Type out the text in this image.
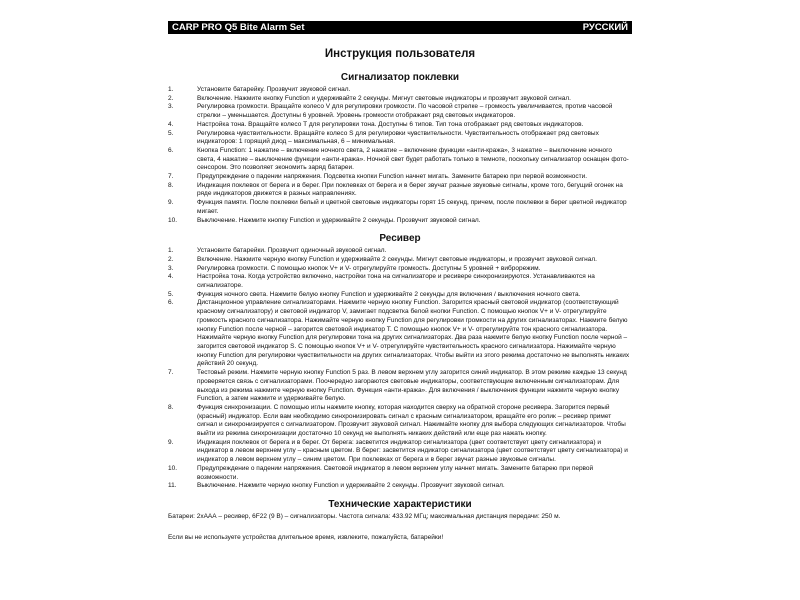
CARP PRO Q5 Bite Alarm Set	РУССКИЙ
Инструкция пользователя
Сигнализатор поклевки
1.	Установите батарейку. Прозвучит звуковой сигнал.
2.	Включение. Нажмите кнопку Function и удерживайте 2 секунды. Мигнут световые индикаторы и прозвучит звуковой сигнал.
3.	Регулировка громкости. Вращайте колесо V для регулировки громкости. По часовой стрелке – громкость увеличивается, против часовой стрелки – уменьшается. Доступны 6 уровней. Уровень громкости отображает ряд световых индикаторов.
4.	Настройка тона. Вращайте колесо T для регулировки тона. Доступны 6 типов. Тип тона отображает ряд световых индикаторов.
5.	Регулировка чувствительности. Вращайте колесо S для регулировки чувствительности. Чувствительность отображает ряд световых индикаторов: 1 горящий диод – максимальная, 6 – минимальная.
6.	Кнопка Function: 1 нажатие – включение ночного света, 2 нажатие – включение функции «анти-кража», 3 нажатие – выключение ночного света, 4 нажатие – выключение функции «анти-кража». Ночной свет будет работать только в темноте, поскольку сигнализатор оснащен фото-сенсором. Это позволяет экономить заряд батареи.
7.	Предупреждение о падении напряжения. Подсветка кнопки Function начнет мигать. Замените батарею при первой возможности.
8.	Индикация поклевок от берега и в берег. При поклевках от берега и в берег звучат разные звуковые сигналы, кроме того, бегущий огонек на ряде индикаторов движется в разных направлениях.
9.	Функция памяти. После поклевки белый и цветной световые индикаторы горят 15 секунд, причем, после поклевки в берег цветной индикатор мигает.
10.	Выключение. Нажмите кнопку Function и удерживайте 2 секунды. Прозвучит звуковой сигнал.
Ресивер
1.	Установите батарейки. Прозвучит одиночный звуковой сигнал.
2.	Включение. Нажмите черную кнопку Function и удерживайте 2 секунды. Мигнут световые индикаторы, и прозвучит звуковой сигнал.
3.	Регулировка громкости. С помощью кнопок V+ и V- отрегулируйте громкость. Доступны 5 уровней + виброрежим.
4.	Настройка тона. Когда устройство включено, настройки тона на сигнализаторе и ресивере синхронизируются. Устанавливаются на сигнализаторе.
5.	Функция ночного света. Нажмите белую кнопку Function и удерживайте 2 секунды для включения / выключения ночного света.
6.	Дистанционное управление сигнализаторами. Нажмите черную кнопку Function. Загорится красный световой индикатор (соответствующий красному сигнализатору) и световой индикатор V, замигает подсветка белой кнопки Function. С помощью кнопок V+ и V- отрегулируйте громкость красного сигнализатора. Нажимайте черную кнопку Function для регулировки громкости на других сигнализаторах. Нажмите белую кнопку Function после черной – загорится световой индикатор T. С помощью кнопок V+ и V- отрегулируйте тон красного сигнализатора. Нажимайте черную кнопку Function для регулировки тона на других сигнализаторах. Два раза нажмите белую кнопку Function после черной – загорится световой индикатор S. С помощью кнопок V+ и V- отрегулируйте чувствительность красного сигнализатора. Нажимайте черную кнопку Function для регулировки чувствительности на других сигнализаторах. Чтобы выйти из этого режима достаточно не выполнять никаких действий 20 секунд.
7.	Тестовый режим. Нажмите черную кнопку Function 5 раз. В левом верхнем углу загорится синий индикатор. В этом режиме каждые 13 секунд проверяется связь с сигнализаторами. Поочередно загораются световые индикаторы, соответствующие включенным сигнализаторам. Для выхода из режима нажмите черную кнопку Function. Функция «анти-кража». Для включения / выключения функции нажмите черную кнопку Function, а затем нажмите и удерживайте белую.
8.	Функция синхронизации. С помощью иглы нажмите кнопку, которая находится сверху на обратной стороне ресивера. Загорится первый (красный) индикатор. Если вам необходимо синхронизировать сигнал с красным сигнализатором, вращайте его ролик – ресивер примет сигнал и синхронизируется с сигнализатором. Прозвучит звуковой сигнал. Нажимайте кнопку для выбора следующих сигнализаторов. Чтобы выйти из режима синхронизации достаточно 10 секунд не выполнять никаких действий или еще раз нажать кнопку.
9.	Индикация поклевок от берега и в берег. От берега: засветится индикатор сигнализатора (цвет соответствует цвету сигнализатора) и индикатор в левом верхнем углу – красным цветом. В берег: засветится индикатор сигнализатора (цвет соответствует цвету сигнализатора) и индикатор в левом верхнем углу – синим цветом. При поклевках от берега и в берег звучат разные звуковые сигналы.
10.	Предупреждение о падении напряжения. Световой индикатор в левом верхнем углу начнет мигать. Замените батарею при первой возможности.
11.	Выключение. Нажмите черную кнопку Function и удерживайте 2 секунды. Прозвучит звуковой сигнал.
Технические характеристики

Батареи: 2хААА – ресивер, 6F22 (9 В) – сигнализаторы. Частота сигнала: 433.92 МГц; максимальная дистанция передачи: 250 м.

Если вы не используете устройства длительное время, извлеките, пожалуйста, батарейки!
